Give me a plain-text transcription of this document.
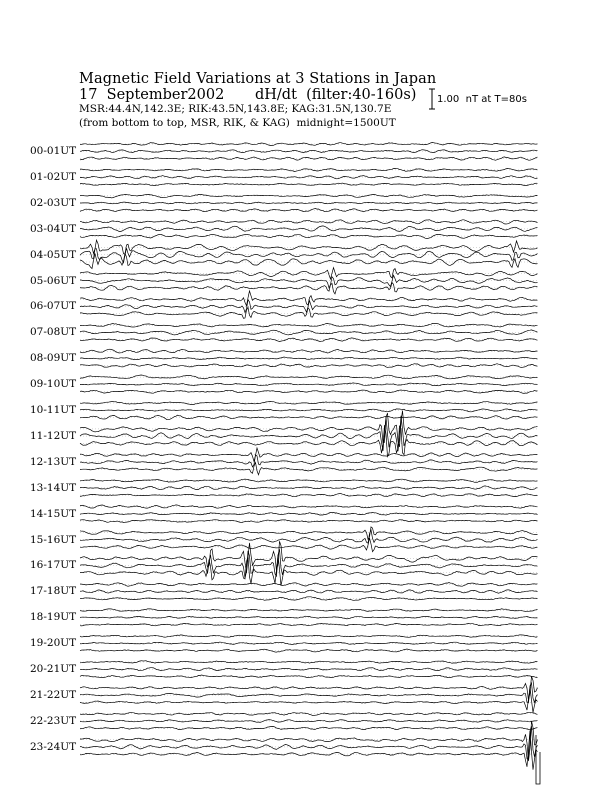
Magnetic Field Variations at 3 Stations in Japan
17  September2002 dH/dt  (filter:40-160s)
MSR:44.4N,142.3E; RIK:43.5N,143.8E; KAG:31.5N,130.7E
(from bottom to top, MSR, RIK, & KAG)  midnight=1500UT
1.00  nT at T=80s
00-01UT
01-02UT
02-03UT
03-04UT
04-05UT
05-06UT
06-07UT
07-08UT
08-09UT
09-10UT
10-11UT
11-12UT
12-13UT
13-14UT
14-15UT
15-16UT
16-17UT
17-18UT
18-19UT
19-20UT
20-21UT
21-22UT
22-23UT
23-24UT
